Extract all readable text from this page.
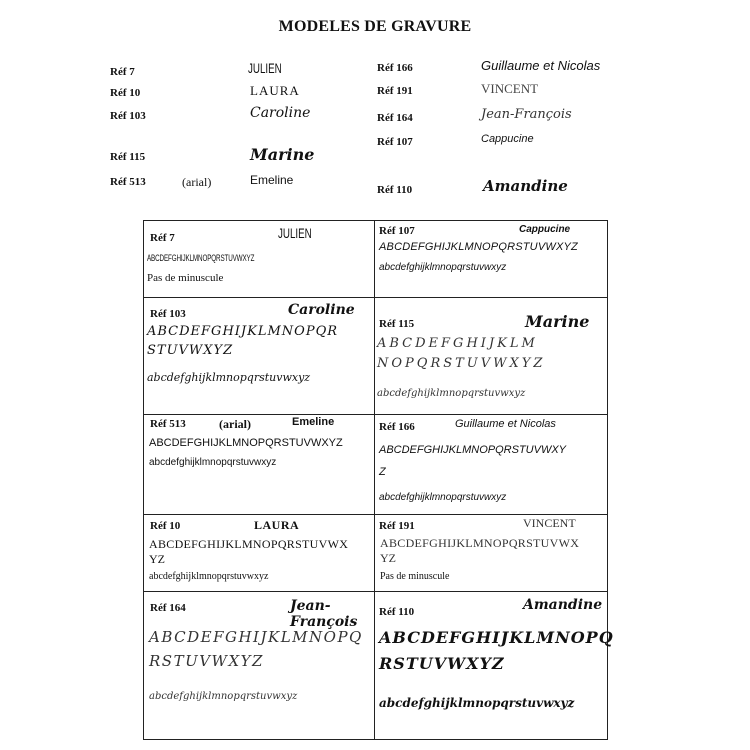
MODELES DE GRAVURE
Réf 7	JULIEN
Réf 10	LAURA
Réf 103	Caroline
Réf 115	Marine
Réf 513	(arial)	Emeline
Réf 166	Guillaume et Nicolas
Réf 191	VINCENT
Réf 164	Jean-François
Réf 107	Cappucine
Réf 110	Amandine
Réf 7	JULIEN
ABCDEFGHIJKLMNOPQRSTUVWXYZ
Pas de minuscule
Réf 107	Cappucine
ABCDEFGHIJKLMNOPQRSTUVWXYZ
abcdefghijklmnopqrstuvwxyz
Réf 103	Caroline
ABCDEFGHIJKLMNOPQR
STUVWXYZ
abcdefghijklmnopqrstuvwxyz
Réf 115	Marine
ABCDEFGHIJKLM
NOPQRSTUVWXYZ
abcdefghijklmnopqrstuvwxyz
Réf 513	(arial)	Emeline
ABCDEFGHIJKLMNOPQRSTUVWXYZ
abcdefghijklmnopqrstuvwxyz
Réf 166	Guillaume et Nicolas
ABCDEFGHIJKLMNOPQRSTUVWXY
Z
abcdefghijklmnopqrstuvwxyz
Réf 10	LAURA
ABCDEFGHIJKLMNOPQRSTUVWX
YZ
abcdefghijklmnopqrstuvwxyz
Réf 191	VINCENT
ABCDEFGHIJKLMNOPQRSTUVWX
YZ
Pas de minuscule
Réf 164	Jean-François
ABCDEFGHIJKLMNOPQ
RSTUVWXYZ
abcdefghijklmnopqrstuvwxyz
Réf 110	Amandine
ABCDEFGHIJKLMNOPQ
RSTUVWXYZ
abcdefghijklmnopqrstuvwxyz
